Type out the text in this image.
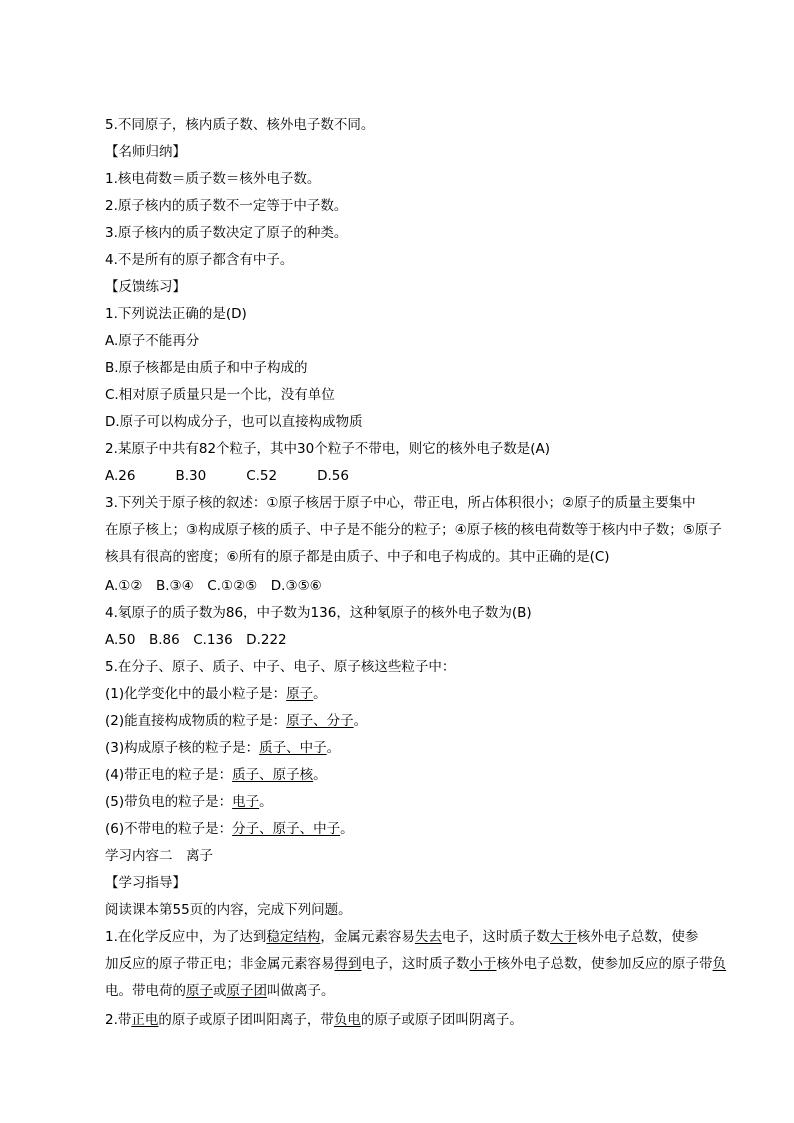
5.不同原子，核内质子数、核外电子数不同。
【名师归纳】
1.核电荷数＝质子数＝核外电子数。
2.原子核内的质子数不一定等于中子数。
3.原子核内的质子数决定了原子的种类。
4.不是所有的原子都含有中子。
【反馈练习】
1.下列说法正确的是(D)
A.原子不能再分
B.原子核都是由质子和中子构成的
C.相对原子质量只是一个比，没有单位
D.原子可以构成分子，也可以直接构成物质
2.某原子中共有82个粒子，其中30个粒子不带电，则它的核外电子数是(A)
A.26	B.30	C.52	D.56
3.下列关于原子核的叙述：①原子核居于原子中心，带正电，所占体积很小；②原子的质量主要集中
在原子核上；③构成原子核的质子、中子是不能分的粒子；④原子核的核电荷数等于核内中子数；⑤原子
核具有很高的密度；⑥所有的原子都是由质子、中子和电子构成的。其中正确的是(C)
A.①②　B.③④　C.①②⑤　D.③⑤⑥
4.氡原子的质子数为86，中子数为136，这种氡原子的核外电子数为(B)
A.50　B.86　C.136　D.222
5.在分子、原子、质子、中子、电子、原子核这些粒子中：
(1)化学变化中的最小粒子是：原子。
(2)能直接构成物质的粒子是：原子、分子。
(3)构成原子核的粒子是：质子、中子。
(4)带正电的粒子是：质子、原子核。
(5)带负电的粒子是：电子。
(6)不带电的粒子是：分子、原子、中子。
学习内容二　离子
【学习指导】
阅读课本第55页的内容，完成下列问题。
1.在化学反应中，为了达到稳定结构，金属元素容易失去电子，这时质子数大于核外电子总数，使参
加反应的原子带正电；非金属元素容易得到电子，这时质子数小于核外电子总数，使参加反应的原子带负
电。带电荷的原子或原子团叫做离子。
2.带正电的原子或原子团叫阳离子，带负电的原子或原子团叫阴离子。
